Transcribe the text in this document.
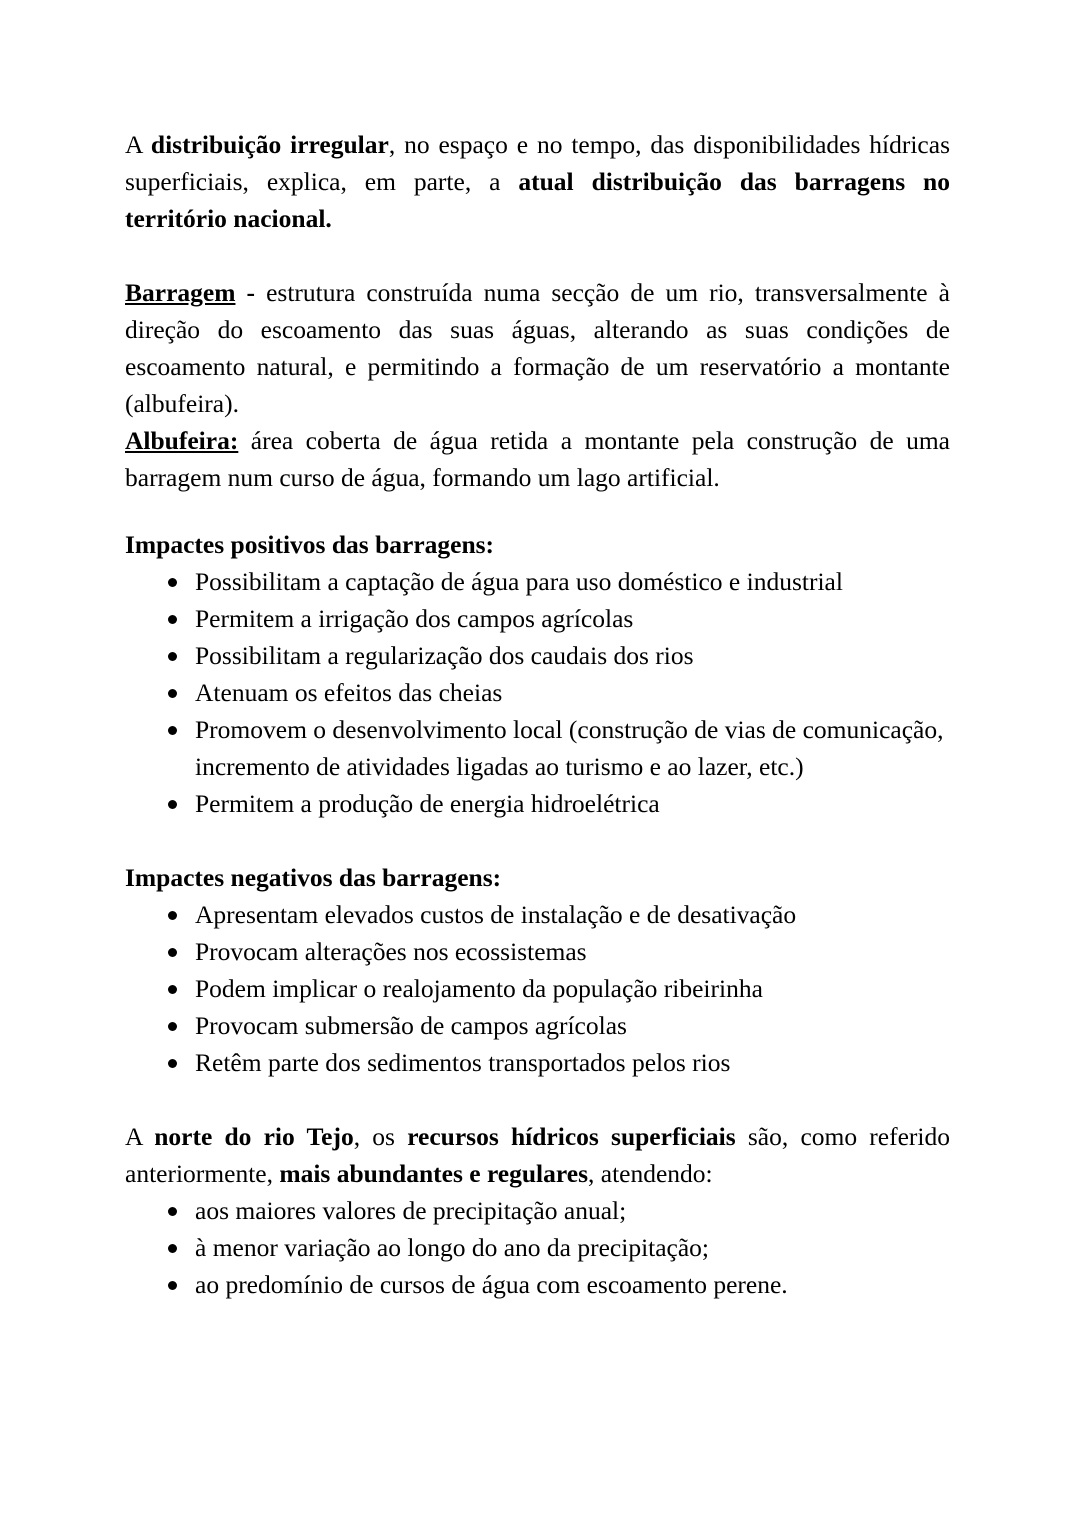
A distribuição irregular, no espaço e no tempo, das disponibilidades hídricas superficiais, explica, em parte, a atual distribuição das barragens no território nacional.

Barragem - estrutura construída numa secção de um rio, transversalmente à direção do escoamento das suas águas, alterando as suas condições de escoamento natural, e permitindo a formação de um reservatório a montante (albufeira).

Albufeira: área coberta de água retida a montante pela construção de uma barragem num curso de água, formando um lago artificial.

Impactes positivos das barragens:

Possibilitam a captação de água para uso doméstico e industrial
Permitem a irrigação dos campos agrícolas
Possibilitam a regularização dos caudais dos rios
Atenuam os efeitos das cheias
Promovem o desenvolvimento local (construção de vias de comunicação, incremento de atividades ligadas ao turismo e ao lazer, etc.)
Permitem a produção de energia hidroelétrica

Impactes negativos das barragens:

Apresentam elevados custos de instalação e de desativação
Provocam alterações nos ecossistemas
Podem implicar o realojamento da população ribeirinha
Provocam submersão de campos agrícolas
Retêm parte dos sedimentos transportados pelos rios

A norte do rio Tejo, os recursos hídricos superficiais são, como referido anteriormente, mais abundantes e regulares, atendendo:

aos maiores valores de precipitação anual;
à menor variação ao longo do ano da precipitação;
ao predomínio de cursos de água com escoamento perene.
